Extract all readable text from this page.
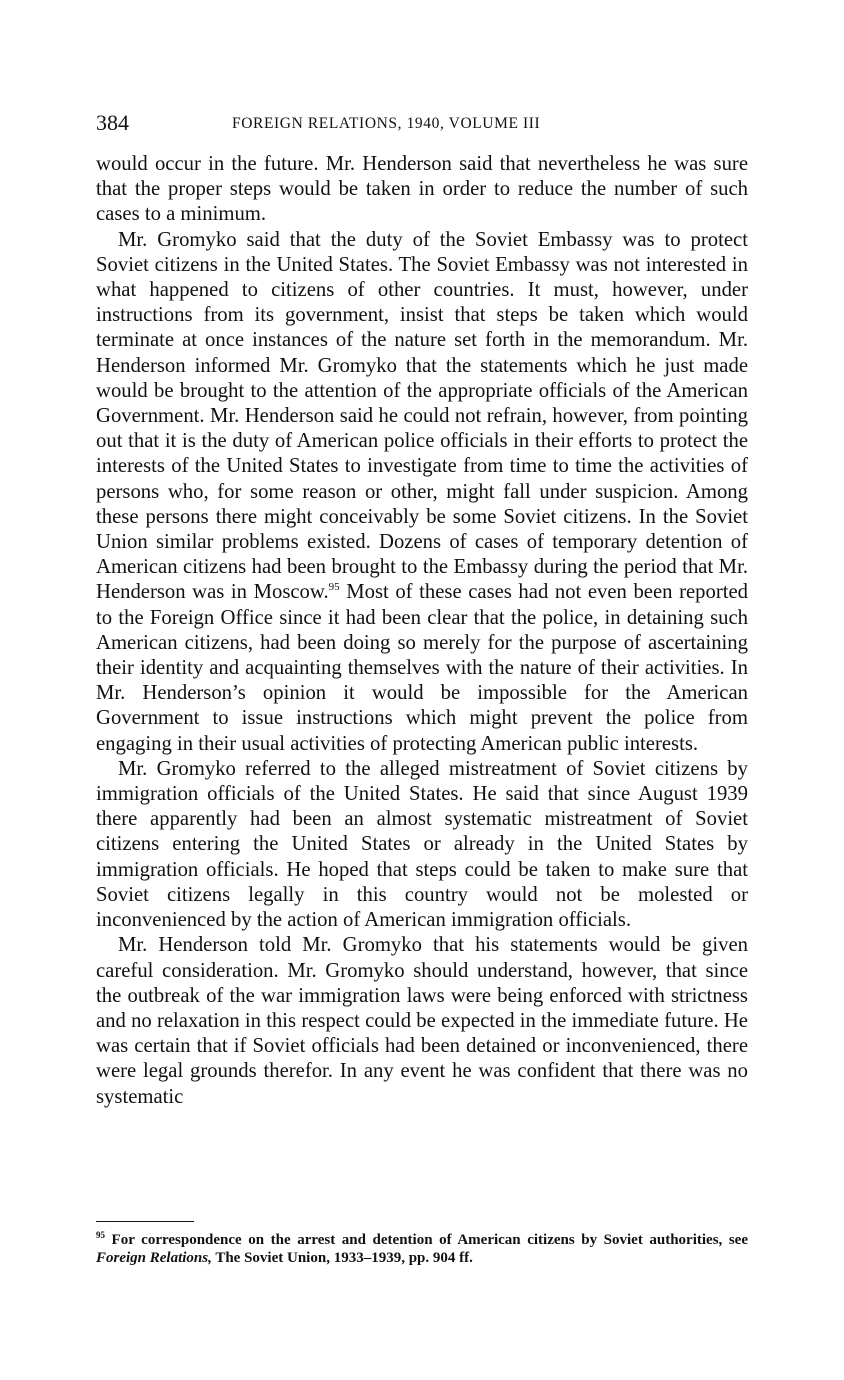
384	FOREIGN RELATIONS, 1940, VOLUME III

would occur in the future. Mr. Henderson said that nevertheless he was sure that the proper steps would be taken in order to reduce the number of such cases to a minimum.

Mr. Gromyko said that the duty of the Soviet Embassy was to protect Soviet citizens in the United States. The Soviet Embassy was not interested in what happened to citizens of other countries. It must, however, under instructions from its government, insist that steps be taken which would terminate at once instances of the nature set forth in the memorandum. Mr. Henderson informed Mr. Gromyko that the statements which he just made would be brought to the attention of the appropriate officials of the American Government. Mr. Henderson said he could not refrain, however, from pointing out that it is the duty of American police officials in their efforts to protect the interests of the United States to investigate from time to time the activities of persons who, for some reason or other, might fall under suspicion. Among these persons there might conceivably be some Soviet citizens. In the Soviet Union similar problems existed. Dozens of cases of temporary detention of American citizens had been brought to the Embassy during the period that Mr. Henderson was in Moscow.$^{95}$ Most of these cases had not even been reported to the Foreign Office since it had been clear that the police, in detaining such American citizens, had been doing so merely for the purpose of ascertaining their identity and acquainting themselves with the nature of their activities. In Mr. Henderson’s opinion it would be impossible for the American Government to issue instructions which might prevent the police from engaging in their usual activities of protecting American public interests.

Mr. Gromyko referred to the alleged mistreatment of Soviet citizens by immigration officials of the United States. He said that since August 1939 there apparently had been an almost systematic mistreatment of Soviet citizens entering the United States or already in the United States by immigration officials. He hoped that steps could be taken to make sure that Soviet citizens legally in this country would not be molested or inconvenienced by the action of American immigration officials.

Mr. Henderson told Mr. Gromyko that his statements would be given careful consideration. Mr. Gromyko should understand, however, that since the outbreak of the war immigration laws were being enforced with strictness and no relaxation in this respect could be expected in the immediate future. He was certain that if Soviet officials had been detained or inconvenienced, there were legal grounds therefor. In any event he was confident that there was no systematic

$^{95}$ For correspondence on the arrest and detention of American citizens by Soviet authorities, see Foreign Relations, The Soviet Union, 1933–1939, pp. 904 ff.
